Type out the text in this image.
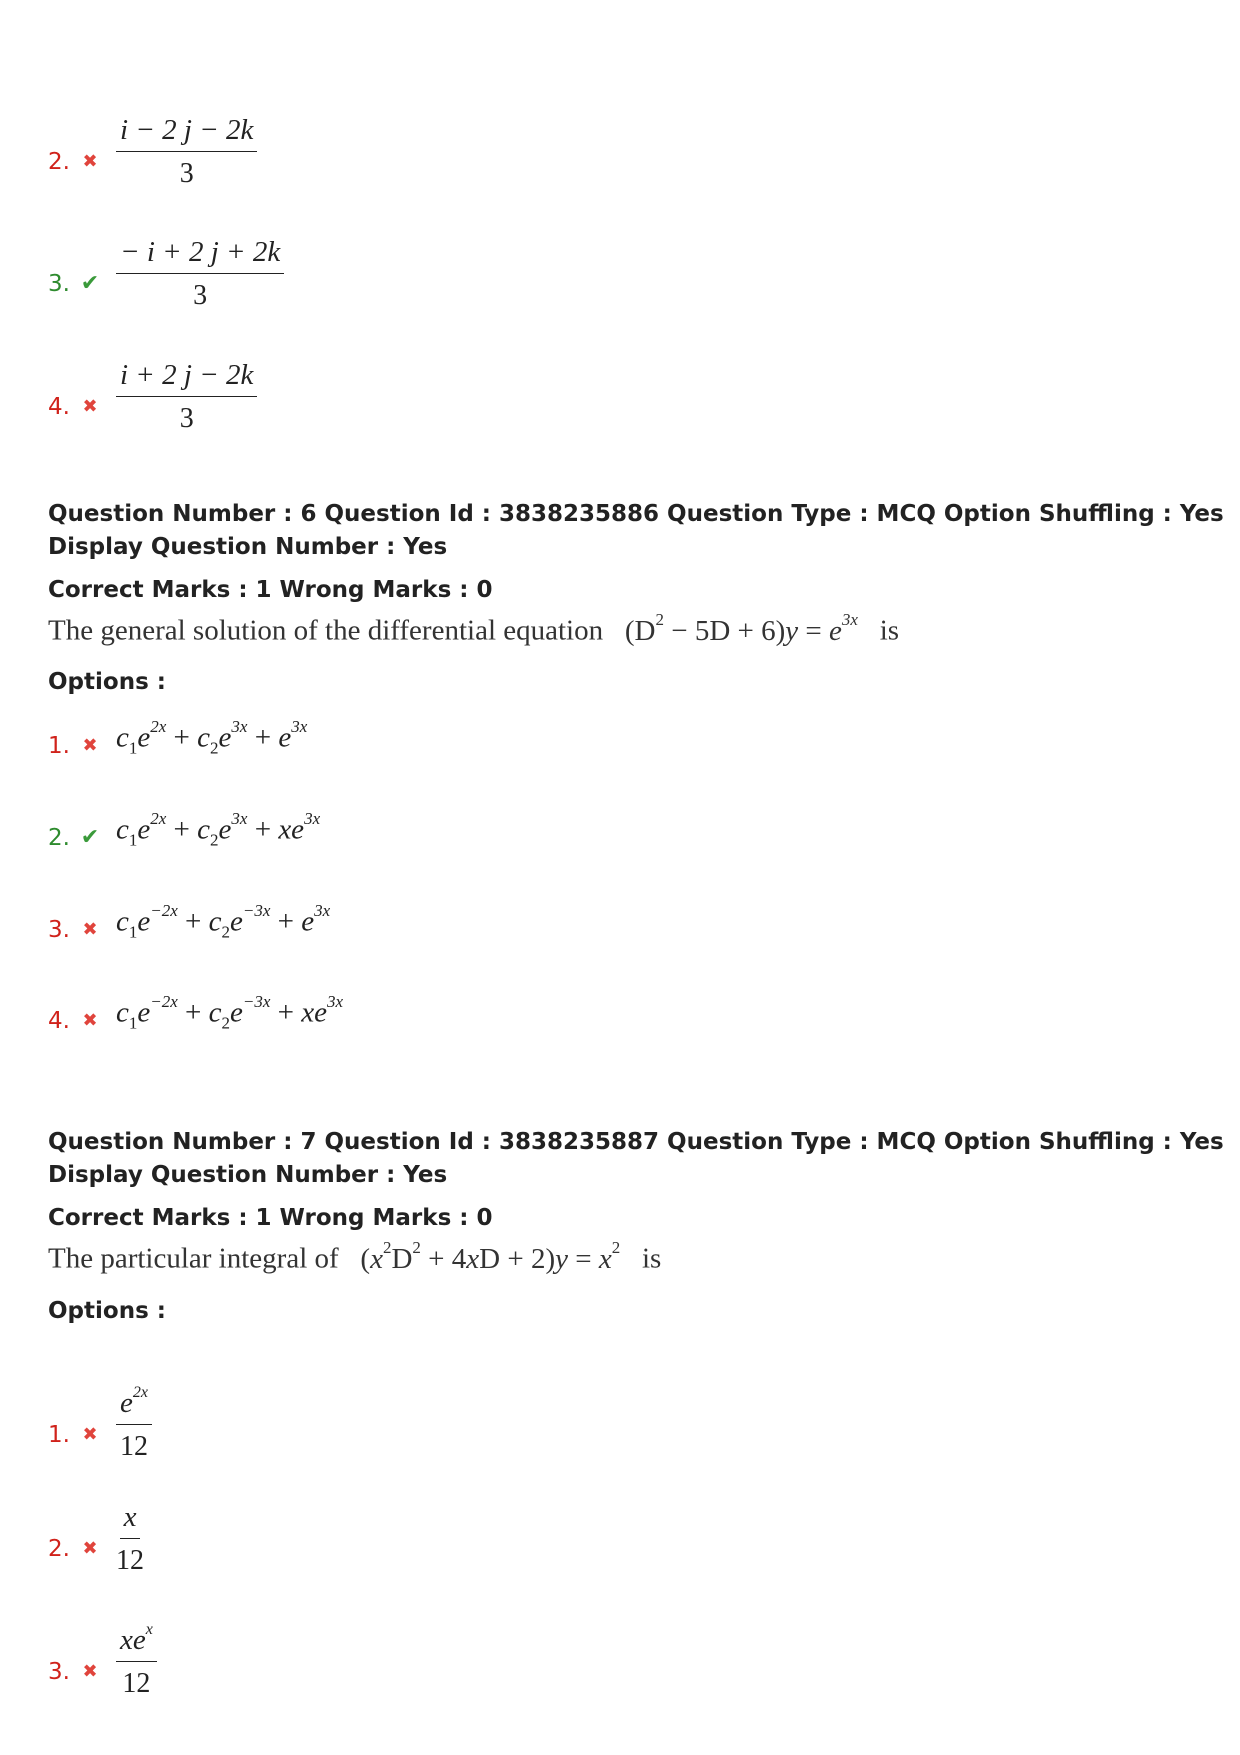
2. ✖ $\frac{i - 2 j - 2k}{3}$
3. ✔ $\frac{- i + 2 j + 2k}{3}$
4. ✖ $\frac{i + 2 j - 2k}{3}$
Question Number : 6 Question Id : 3838235886 Question Type : MCQ Option Shuffling : Yes
Display Question Number : Yes
Correct Marks : 1 Wrong Marks : 0
The general solution of the differential equation   $(D^2 - 5D + 6)y = e^{3x}$ is
Options :
1. ✖ $c_1e^{2x} + c_2e^{3x} + e^{3x}$
2. ✔ $c_1e^{2x} + c_2e^{3x} + xe^{3x}$
3. ✖ $c_1e^{-2x} + c_2e^{-3x} + e^{3x}$
4. ✖ $c_1e^{-2x} + c_2e^{-3x} + xe^{3x}$
Question Number : 7 Question Id : 3838235887 Question Type : MCQ Option Shuffling : Yes
Display Question Number : Yes
Correct Marks : 1 Wrong Marks : 0
The particular integral of   $(x^2D^2 + 4xD + 2)y = x^2$ is
Options :
1. ✖ $\frac{e^{2x}}{12}$
2. ✖ $\frac{x}{12}$
3. ✖ $\frac{xe^x}{12}$
